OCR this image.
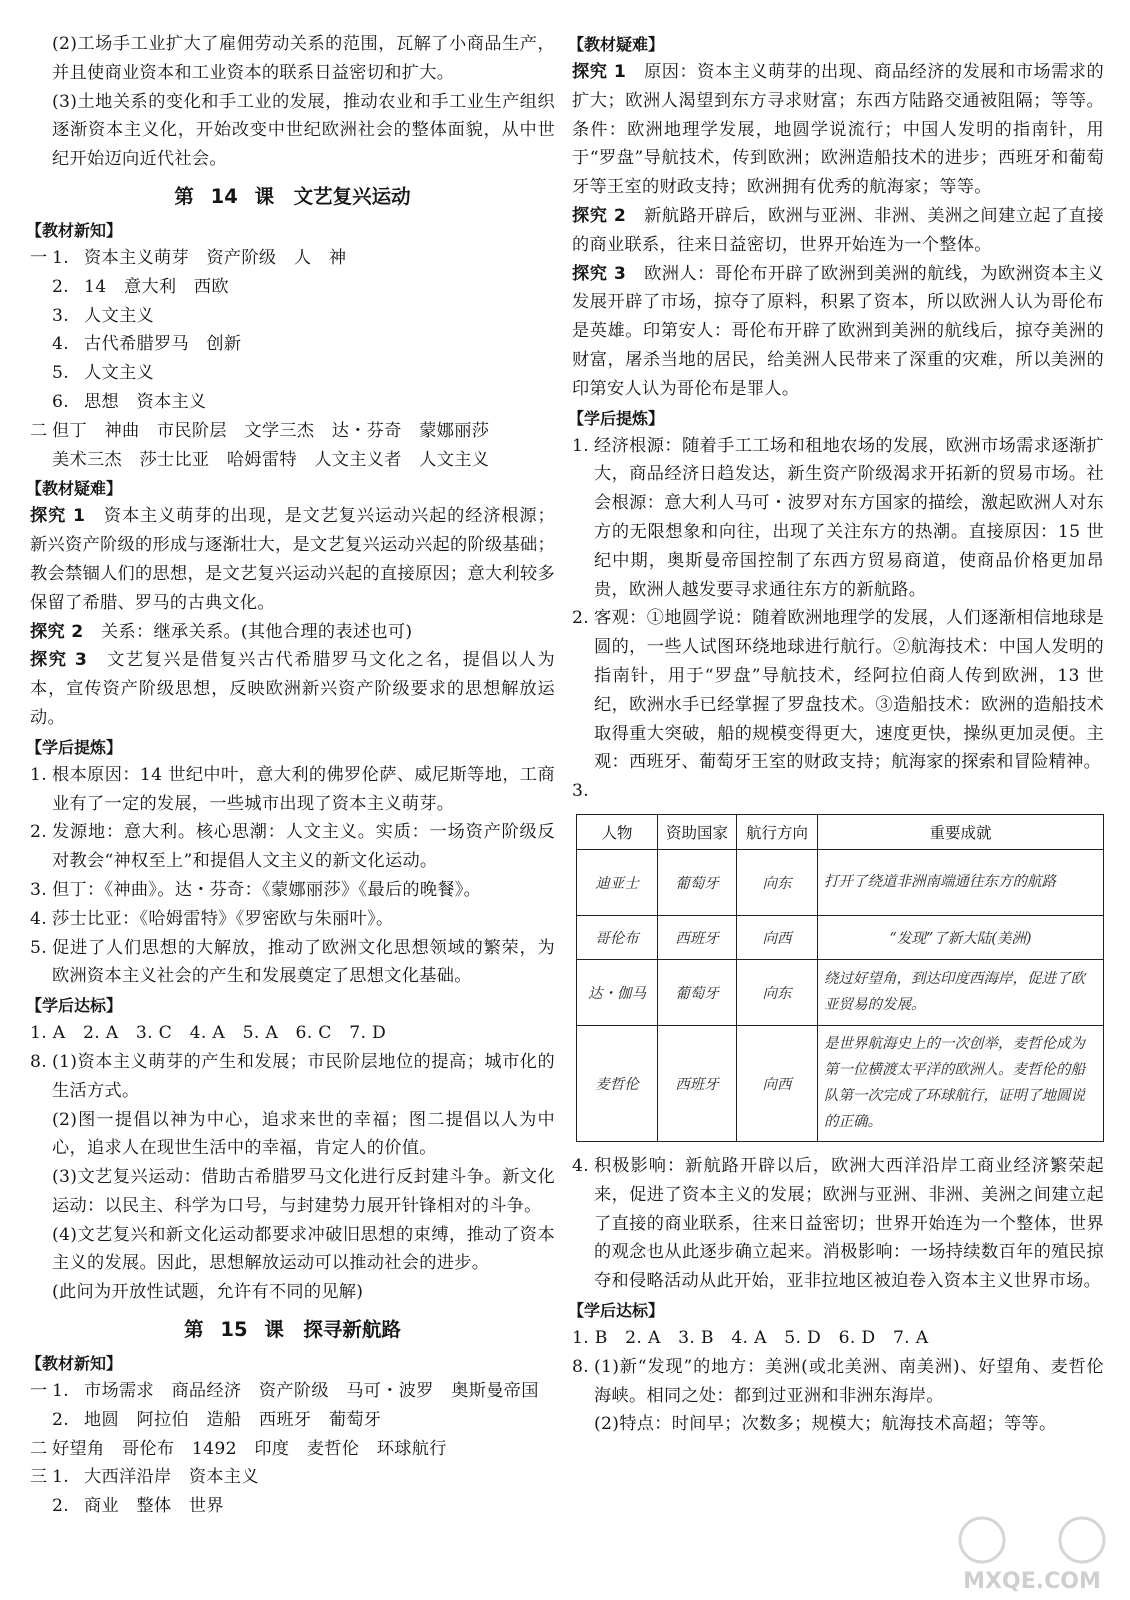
(2)工场手工业扩大了雇佣劳动关系的范围，瓦解了小商品生产，并且使商业资本和工业资本的联系日益密切和扩大。

(3)土地关系的变化和手工业的发展，推动农业和手工业生产组织逐渐资本主义化，开始改变中世纪欧洲社会的整体面貌，从中世纪开始迈向近代社会。

第 14 课　文艺复兴运动
【教材新知】
一 1. 资本主义萌芽　资产阶级　人　神
2. 14　意大利　西欧
3. 人文主义
4. 古代希腊罗马　创新
5. 人文主义
6. 思想　资本主义
二 但丁　神曲　市民阶层　文学三杰　达・芬奇　蒙娜丽莎
美术三杰　莎士比亚　哈姆雷特　人文主义者　人文主义
【教材疑难】

探究 1　 资本主义萌芽的出现，是文艺复兴运动兴起的经济根源；新兴资产阶级的形成与逐渐壮大，是文艺复兴运动兴起的阶级基础；教会禁锢人们的思想，是文艺复兴运动兴起的直接原因；意大利较多保留了希腊、罗马的古典文化。

探究 2　 关系：继承关系。(其他合理的表述也可)

探究 3　 文艺复兴是借复兴古代希腊罗马文化之名，提倡以人为本，宣传资产阶级思想，反映欧洲新兴资产阶级要求的思想解放运动。

【学后提炼】
1. 根本原因：14 世纪中叶，意大利的佛罗伦萨、威尼斯等地，工商业有了一定的发展，一些城市出现了资本主义萌芽。
2. 发源地：意大利。核心思潮：人文主义。实质：一场资产阶级反对教会“神权至上”和提倡人文主义的新文化运动。
3. 但丁：《神曲》。达・芬奇：《蒙娜丽莎》《最后的晚餐》。
4. 莎士比亚：《哈姆雷特》《罗密欧与朱丽叶》。
5. 促进了人们思想的大解放，推动了欧洲文化思想领域的繁荣，为欧洲资本主义社会的产生和发展奠定了思想文化基础。
【学后达标】
1. A　2. A　3. C　4. A　5. A　6. C　7. D
8. (1)资本主义萌芽的产生和发展；市民阶层地位的提高；城市化的生活方式。
(2)图一提倡以神为中心，追求来世的幸福；图二提倡以人为中心，追求人在现世生活中的幸福，肯定人的价值。
(3)文艺复兴运动：借助古希腊罗马文化进行反封建斗争。新文化运动：以民主、科学为口号，与封建势力展开针锋相对的斗争。
(4)文艺复兴和新文化运动都要求冲破旧思想的束缚，推动了资本主义的发展。因此，思想解放运动可以推动社会的进步。
(此问为开放性试题，允许有不同的见解)
第 15 课　探寻新航路
【教材新知】
一 1. 市场需求　商品经济　资产阶级　马可・波罗　奥斯曼帝国
2. 地圆　阿拉伯　造船　西班牙　葡萄牙
二 好望角　哥伦布　1492　印度　麦哲伦　环球航行
三 1. 大西洋沿岸　资本主义
2. 商业　整体　世界
【教材疑难】

探究 1　 原因：资本主义萌芽的出现、商品经济的发展和市场需求的扩大；欧洲人渴望到东方寻求财富；东西方陆路交通被阻隔；等等。条件：欧洲地理学发展，地圆学说流行；中国人发明的指南针，用于“罗盘”导航技术，传到欧洲；欧洲造船技术的进步；西班牙和葡萄牙等王室的财政支持；欧洲拥有优秀的航海家；等等。

探究 2　 新航路开辟后，欧洲与亚洲、非洲、美洲之间建立起了直接的商业联系，往来日益密切，世界开始连为一个整体。

探究 3　 欧洲人：哥伦布开辟了欧洲到美洲的航线，为欧洲资本主义发展开辟了市场，掠夺了原料，积累了资本，所以欧洲人认为哥伦布是英雄。印第安人：哥伦布开辟了欧洲到美洲的航线后，掠夺美洲的财富，屠杀当地的居民，给美洲人民带来了深重的灾难，所以美洲的印第安人认为哥伦布是罪人。

【学后提炼】
1. 经济根源：随着手工工场和租地农场的发展，欧洲市场需求逐渐扩大，商品经济日趋发达，新生资产阶级渴求开拓新的贸易市场。社会根源：意大利人马可・波罗对东方国家的描绘，激起欧洲人对东方的无限想象和向往，出现了关注东方的热潮。直接原因：15 世纪中期，奥斯曼帝国控制了东西方贸易商道，使商品价格更加昂贵，欧洲人越发要寻求通往东方的新航路。
2. 客观：①地圆学说：随着欧洲地理学的发展，人们逐渐相信地球是圆的，一些人试图环绕地球进行航行。②航海技术：中国人发明的指南针，用于“罗盘”导航技术，经阿拉伯商人传到欧洲，13 世纪，欧洲水手已经掌握了罗盘技术。③造船技术：欧洲的造船技术取得重大突破，船的规模变得更大，速度更快，操纵更加灵便。主观：西班牙、葡萄牙王室的财政支持；航海家的探索和冒险精神。
3.
人物	资助国家	航行方向	重要成就
迪亚士	葡萄牙	向东	打开了绕道非洲南端通往东方的航路
哥伦布	西班牙	向西	“发现”了新大陆(美洲)
达・伽马	葡萄牙	向东	绕过好望角，到达印度西海岸，促进了欧亚贸易的发展。
麦哲伦	西班牙	向西	是世界航海史上的一次创举，麦哲伦成为第一位横渡太平洋的欧洲人。麦哲伦的船队第一次完成了环球航行，证明了地圆说的正确。
4. 积极影响：新航路开辟以后，欧洲大西洋沿岸工商业经济繁荣起来，促进了资本主义的发展；欧洲与亚洲、非洲、美洲之间建立起了直接的商业联系，往来日益密切；世界开始连为一个整体，世界的观念也从此逐步确立起来。消极影响：一场持续数百年的殖民掠夺和侵略活动从此开始，亚非拉地区被迫卷入资本主义世界市场。
【学后达标】
1. B　2. A　3. B　4. A　5. D　6. D　7. A
8. (1)新“发现”的地方：美洲(或北美洲、南美洲)、好望角、麦哲伦海峡。相同之处：都到过亚洲和非洲东海岸。
(2)特点：时间早；次数多；规模大；航海技术高超；等等。
MXQE.COM
